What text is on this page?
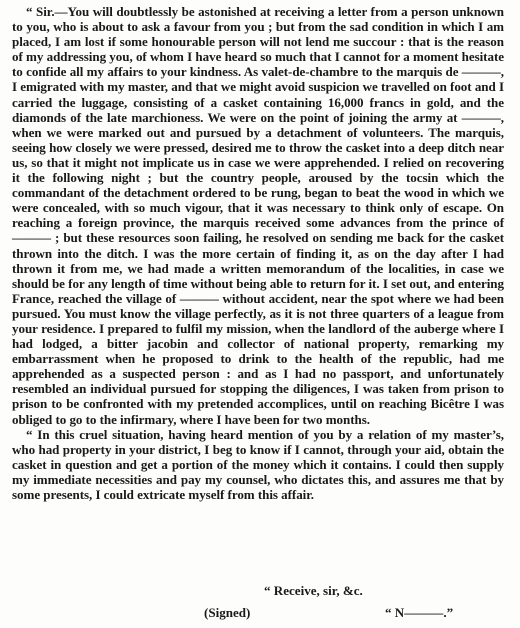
“ Sir.—You will doubtlessly be astonished at receiving a letter from a person unknown to you, who is about to ask a favour from you ; but from the sad condition in which I am placed, I am lost if some honourable person will not lend me succour : that is the reason of my addressing you, of whom I have heard so much that I cannot for a moment hesitate to confide all my affairs to your kindness. As valet-de-chambre to the marquis de ———, I emigrated with my master, and that we might avoid suspicion we travelled on foot and I carried the luggage, consisting of a casket containing 16,000 francs in gold, and the diamonds of the late marchioness. We were on the point of joining the army at ———, when we were marked out and pursued by a detachment of volunteers. The marquis, seeing how closely we were pressed, desired me to throw the casket into a deep ditch near us, so that it might not implicate us in case we were apprehended. I relied on recovering it the following night ; but the country people, aroused by the tocsin which the commandant of the detachment ordered to be rung, began to beat the wood in which we were concealed, with so much vigour, that it was necessary to think only of escape. On reaching a foreign province, the marquis received some advances from the prince of ——— ; but these resources soon failing, he resolved on sending me back for the casket thrown into the ditch. I was the more certain of finding it, as on the day after I had thrown it from me, we had made a written memorandum of the localities, in case we should be for any length of time without being able to return for it. I set out, and entering France, reached the village of ——— without accident, near the spot where we had been pursued. You must know the village perfectly, as it is not three quarters of a league from your residence. I prepared to fulfil my mission, when the landlord of the auberge where I had lodged, a bitter jacobin and collector of national property, remarking my embarrassment when he proposed to drink to the health of the republic, had me apprehended as a suspected person : and as I had no passport, and unfortunately resembled an individual pursued for stopping the diligences, I was taken from prison to prison to be confronted with my pretended accomplices, until on reaching Bicêtre I was obliged to go to the infirmary, where I have been for two months.

“ In this cruel situation, having heard mention of you by a relation of my master’s, who had property in your district, I beg to know if I cannot, through your aid, obtain the casket in question and get a portion of the money which it contains. I could then supply my immediate necessities and pay my counsel, who dictates this, and assures me that by some presents, I could extricate myself from this affair.

“ Receive, sir, &c.
(Signed)	“ N———.”
